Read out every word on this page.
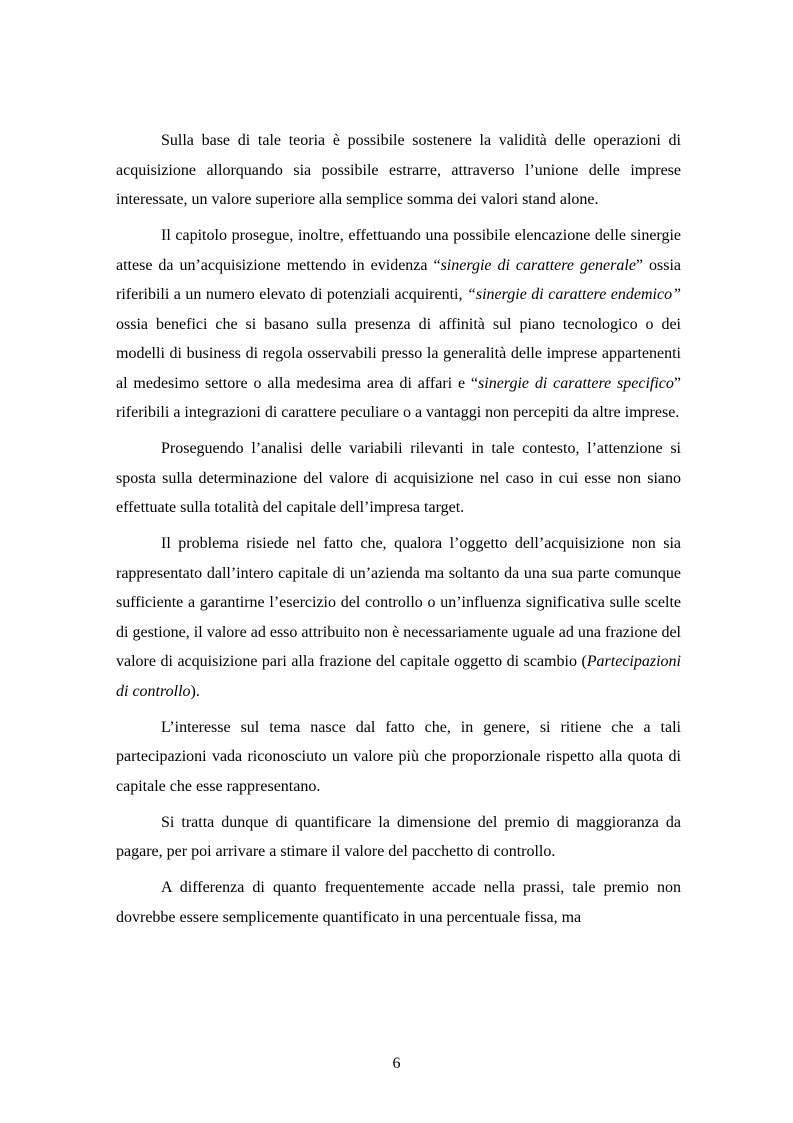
Sulla base di tale teoria è possibile sostenere la validità delle operazioni di acquisizione allorquando sia possibile estrarre, attraverso l’unione delle imprese interessate, un valore superiore alla semplice somma dei valori stand alone.

Il capitolo prosegue, inoltre, effettuando una possibile elencazione delle sinergie attese da un’acquisizione mettendo in evidenza “sinergie di carattere generale” ossia riferibili a un numero elevato di potenziali acquirenti, “sinergie di carattere endemico” ossia benefici che si basano sulla presenza di affinità sul piano tecnologico o dei modelli di business di regola osservabili presso la generalità delle imprese appartenenti al medesimo settore o alla medesima area di affari e “sinergie di carattere specifico” riferibili a integrazioni di carattere peculiare o a vantaggi non percepiti da altre imprese.

Proseguendo l’analisi delle variabili rilevanti in tale contesto, l’attenzione si sposta sulla determinazione del valore di acquisizione nel caso in cui esse non siano effettuate sulla totalità del capitale dell’impresa target.

Il problema risiede nel fatto che, qualora l’oggetto dell’acquisizione non sia rappresentato dall’intero capitale di un’azienda ma soltanto da una sua parte comunque sufficiente a garantirne l’esercizio del controllo o un’influenza significativa sulle scelte di gestione, il valore ad esso attribuito non è necessariamente uguale ad una frazione del valore di acquisizione pari alla frazione del capitale oggetto di scambio (Partecipazioni di controllo).

L’interesse sul tema nasce dal fatto che, in genere, si ritiene che a tali partecipazioni vada riconosciuto un valore più che proporzionale rispetto alla quota di capitale che esse rappresentano.

Si tratta dunque di quantificare la dimensione del premio di maggioranza da pagare, per poi arrivare a stimare il valore del pacchetto di controllo.

A differenza di quanto frequentemente accade nella prassi, tale premio non dovrebbe essere semplicemente quantificato in una percentuale fissa, ma

6
